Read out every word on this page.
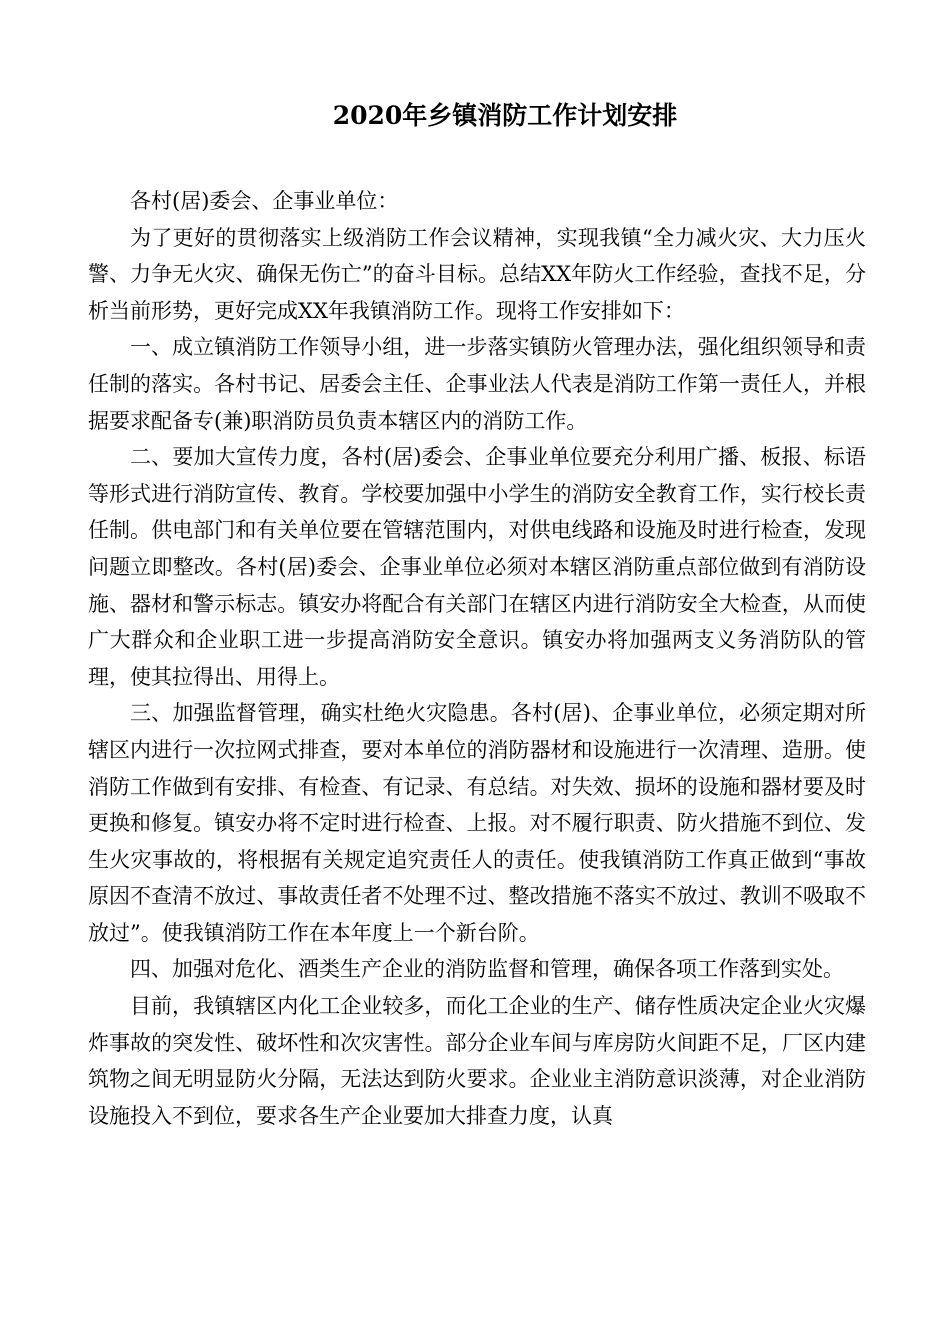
2020年乡镇消防工作计划安排

各村(居)委会、企事业单位：

为了更好的贯彻落实上级消防工作会议精神，实现我镇“全力减火灾、大力压火警、力争无火灾、确保无伤亡”的奋斗目标。总结XX年防火工作经验，查找不足，分析当前形势，更好完成XX年我镇消防工作。现将工作安排如下：

一、成立镇消防工作领导小组，进一步落实镇防火管理办法，强化组织领导和责任制的落实。各村书记、居委会主任、企事业法人代表是消防工作第一责任人，并根据要求配备专(兼)职消防员负责本辖区内的消防工作。

二、要加大宣传力度，各村(居)委会、企事业单位要充分利用广播、板报、标语等形式进行消防宣传、教育。学校要加强中小学生的消防安全教育工作，实行校长责任制。供电部门和有关单位要在管辖范围内，对供电线路和设施及时进行检查，发现问题立即整改。各村(居)委会、企事业单位必须对本辖区消防重点部位做到有消防设施、器材和警示标志。镇安办将配合有关部门在辖区内进行消防安全大检查，从而使广大群众和企业职工进一步提高消防安全意识。镇安办将加强两支义务消防队的管理，使其拉得出、用得上。

三、加强监督管理，确实杜绝火灾隐患。各村(居)、企事业单位，必须定期对所辖区内进行一次拉网式排查，要对本单位的消防器材和设施进行一次清理、造册。使消防工作做到有安排、有检查、有记录、有总结。对失效、损坏的设施和器材要及时更换和修复。镇安办将不定时进行检查、上报。对不履行职责、防火措施不到位、发生火灾事故的，将根据有关规定追究责任人的责任。使我镇消防工作真正做到“事故原因不查清不放过、事故责任者不处理不过、整改措施不落实不放过、教训不吸取不放过”。使我镇消防工作在本年度上一个新台阶。

四、加强对危化、酒类生产企业的消防监督和管理，确保各项工作落到实处。

目前，我镇辖区内化工企业较多，而化工企业的生产、储存性质决定企业火灾爆炸事故的突发性、破坏性和次灾害性。部分企业车间与库房防火间距不足，厂区内建筑物之间无明显防火分隔，无法达到防火要求。企业业主消防意识淡薄，对企业消防设施投入不到位，要求各生产企业要加大排查力度，认真
